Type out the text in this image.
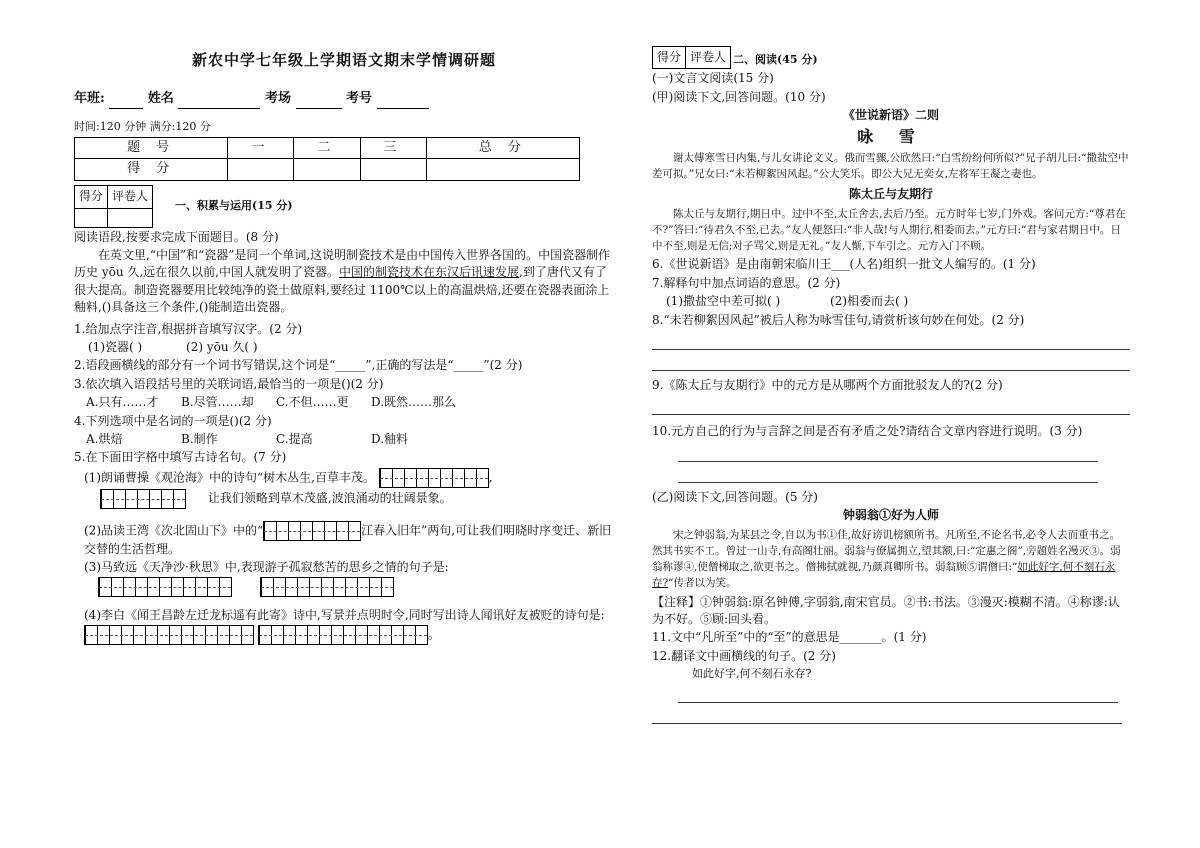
新农中学七年级上学期语文期末学情调研题
年班:	姓名	考场	考号
时间:120 分钟 满分:120 分
题 号	一	二	三	总 分
得 分				
得分	评卷人

一、积累与运用(15 分)
阅读语段,按要求完成下面题目。(8 分)
在英文里,“中国”和“瓷器”是同一个单词,这说明制瓷技术是由中国传入世界各国的。中国瓷器制作历史 yōu 久,远在很久以前,中国人就发明了瓷器。中国的制瓷技术在东汉后讯速发展,到了唐代又有了很大提高。制造瓷器要用比较纯净的瓷土做原料,要经过 1100℃以上的高温烘焙,还要在瓷器表面涂上釉料,()具备这三个条件,()能制造出瓷器。
1.给加点字注音,根据拼音填写汉字。(2 分)
(1)瓷器( )	(2) yōu 久( )
2.语段画横线的部分有一个词书写错误,这个词是“_____”,正确的写法是“_____”(2 分)
3.依次填入语段括号里的关联词语,最恰当的一项是()(2 分)
A.只有……才	B.尽管……却	C.不但……更	D.既然……那么
4.下列选项中是名词的一项是()(2 分)
A.烘焙	B.制作	C.提高	D.釉料
5.在下面田字格中填写古诗名句。(7 分)
(1)朗诵曹操《观沧海》中的诗句“树木丛生,百草丰茂。	,
让我们领略到草木茂盛,波浪涌动的壮阔景象。
(2)品读王湾《次北固山下》中的“	江春入旧年”两句,可让我们明晓时序变迁、新旧交替的生活哲理。
(3)马致远《天净沙·秋思》中,表现游子孤寂愁苦的思乡之情的句子是:

(4)李白《闻王昌龄左迁龙标遥有此寄》诗中,写景并点明时令,同时写出诗人闻讯好友被贬的诗句是:

。
得分	评卷人 二、阅读(45 分)
(一)文言文阅读(15 分)
(甲)阅读下文,回答问题。(10 分)
《世说新语》二则
咏 雪
谢太傅寒雪日内集,与儿女讲论文义。俄而雪骤,公欣然曰:“白雪纷纷何所似?”兄子胡儿曰:“撒盐空中差可拟。”兄女曰:“未若柳絮因风起。”公大笑乐。即公大兄无奕女,左将军王凝之妻也。
陈太丘与友期行
陈太丘与友期行,期日中。过中不至,太丘舍去,去后乃至。元方时年七岁,门外戏。客问元方:“尊君在不?”答曰:“待君久不至,已去。”友人便怒曰:“非人哉!与人期行,相委而去。”元方曰:“君与家君期日中。日中不至,则是无信;对子骂父,则是无礼。”友人惭,下车引之。元方入门不顾。
6.《世说新语》是由南朝宋临川王___(人名)组织一批文人编写的。(1 分)
7.解释句中加点词语的意思。(2 分)
(1)撒盐空中差可拟( )	(2)相委而去( )
8.“未若柳絮因风起”被后人称为咏雪佳句,请赏析该句妙在何处。(2 分)
9.《陈太丘与友期行》中的元方是从哪两个方面批驳友人的?(2 分)
10.元方自己的行为与言辞之间是否有矛盾之处?请结合文章内容进行说明。(3 分)
(乙)阅读下文,回答问题。(5 分)
钟弱翁①好为人师
宋之钟弱翁,为某县之令,自以为书①佳,故好谤讥榜额所书。凡所至,不论名书,必令人去而重书之。然其书实不工。曾过一山寺,有高阁壮丽。弱翁与僚属拥立,望其额,曰:“定惠之阁”,旁题姓名漫灭③。弱翁称谬④,使僧梯取之,欲更书之。僧拂拭就视,乃颜真卿所书。弱翁顾⑤谓僧曰:“如此好字,何不刻石永存?”传者以为笑。
【注释】①钟弱翁:原名钟傅,字弱翁,南宋官员。②书:书法。③漫灭:模糊不清。④称谬:认为不好。⑤顾:回头看。
11.文中“凡所至”中的“至”的意思是_______。(1 分)
12.翻译文中画横线的句子。(2 分)
如此好字,何不刻石永存?
